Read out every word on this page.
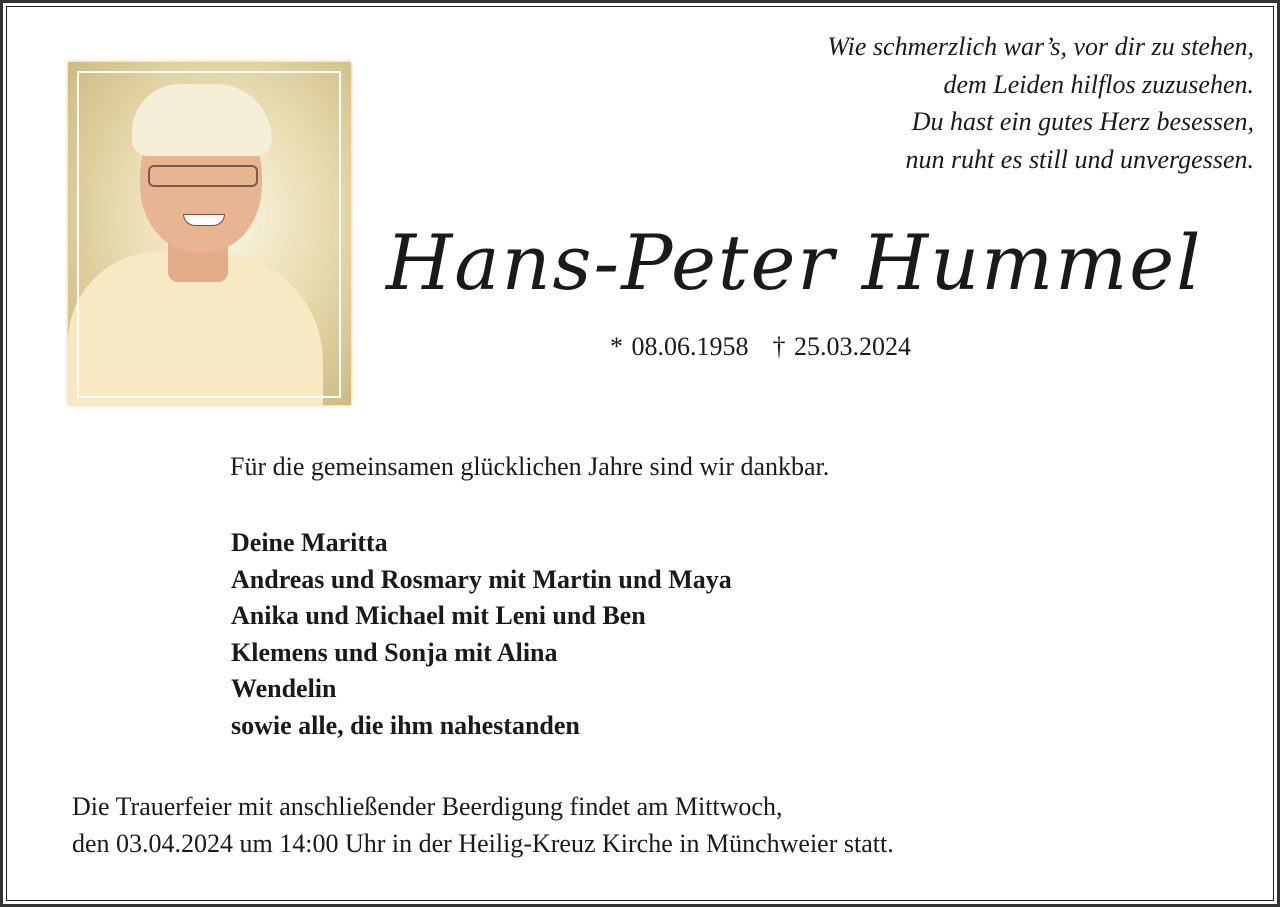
Wie schmerzlich war’s, vor dir zu stehen,
dem Leiden hilflos zuzusehen.
Du hast ein gutes Herz besessen,
nun ruht es still und unvergessen.
Hans-Peter Hummel
* 08.06.1958 † 25.03.2024
Für die gemeinsamen glücklichen Jahre sind wir dankbar.
Deine Maritta
Andreas und Rosmary mit Martin und Maya
Anika und Michael mit Leni und Ben
Klemens und Sonja mit Alina
Wendelin
sowie alle, die ihm nahestanden
Die Trauerfeier mit anschließender Beerdigung findet am Mittwoch,
den 03.04.2024 um 14:00 Uhr in der Heilig-Kreuz Kirche in Münchweier statt.
